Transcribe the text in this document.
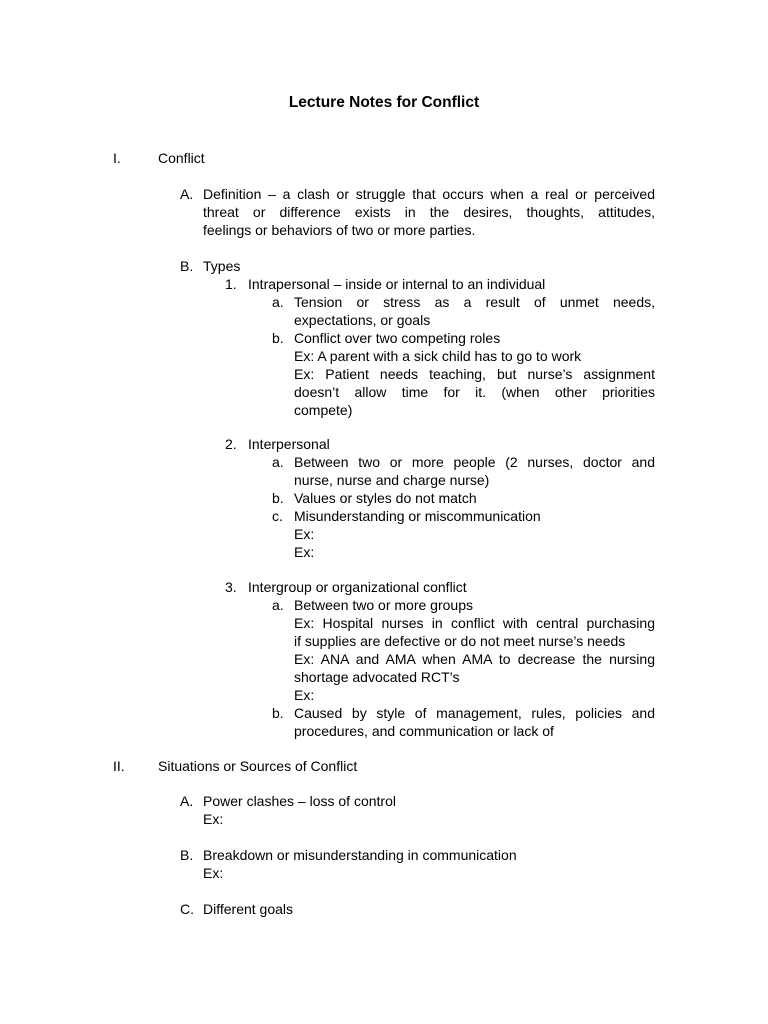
Lecture Notes for Conflict
I.	Conflict
A. Definition – a clash or struggle that occurs when a real or perceived
threat or difference exists in the desires, thoughts, attitudes,
feelings or behaviors of two or more parties.
B. Types
1. Intrapersonal – inside or internal to an individual
a. Tension or stress as a result of unmet needs,
expectations, or goals
b. Conflict over two competing roles
Ex: A parent with a sick child has to go to work
Ex: Patient needs teaching, but nurse’s assignment
doesn’t allow time for it. (when other priorities
compete)
2. Interpersonal
a. Between two or more people (2 nurses, doctor and
nurse, nurse and charge nurse)
b. Values or styles do not match
c. Misunderstanding or miscommunication
Ex:
Ex:
3. Intergroup or organizational conflict
a. Between two or more groups
Ex: Hospital nurses in conflict with central purchasing
if supplies are defective or do not meet nurse’s needs
Ex: ANA and AMA when AMA to decrease the nursing
shortage advocated RCT’s
Ex:
b. Caused by style of management, rules, policies and
procedures, and communication or lack of
II. Situations or Sources of Conflict
A. Power clashes – loss of control
Ex:
B. Breakdown or misunderstanding in communication
Ex:
C. Different goals
